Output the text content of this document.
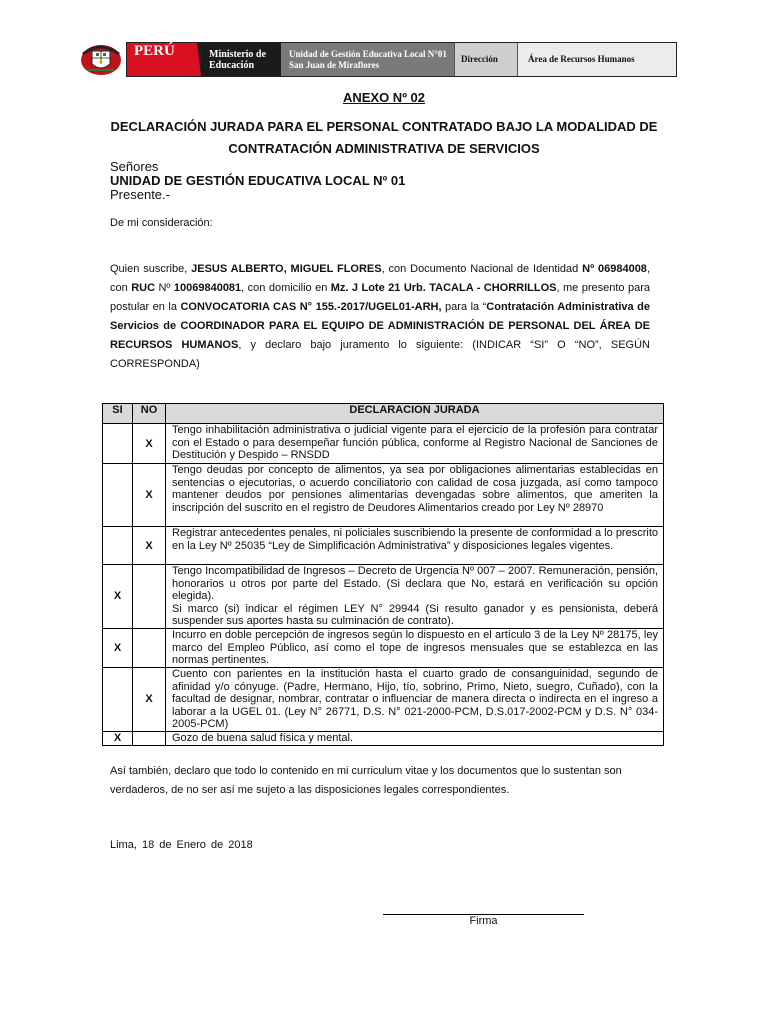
PERÚ	Ministerio de Educación
Unidad de Gestión Educativa Local N°01 San Juan de Miraflores
Dirección	Área de Recursos Humanos
ANEXO Nº 02
DECLARACIÓN JURADA PARA EL PERSONAL CONTRATADO BAJO LA MODALIDAD DE CONTRATACIÓN ADMINISTRATIVA DE SERVICIOS
Señores
UNIDAD DE GESTIÓN EDUCATIVA LOCAL Nº 01
Presente.-
De mi consideración:
Quien suscribe, JESUS ALBERTO, MIGUEL FLORES, con Documento Nacional de Identidad Nº 06984008, con RUC Nº 10069840081, con domicilio en Mz. J Lote 21 Urb. TACALA - CHORRILLOS, me presento para postular en la CONVOCATORIA CAS N° 155.-2017/UGEL01-ARH, para la “Contratación Administrativa de Servicios de COORDINADOR PARA EL EQUIPO DE ADMINISTRACIÓN DE PERSONAL DEL ÁREA DE RECURSOS HUMANOS, y declaro bajo juramento lo siguiente: (INDICAR “SI” O “NO”, SEGÚN CORRESPONDA)
SI	NO	DECLARACION JURADA
	X	Tengo inhabilitación administrativa o judicial vigente para el ejercicio de la profesión para contratar con el Estado o para desempeñar función pública, conforme al Registro Nacional de Sanciones de Destitución y Despido – RNSDD
	X	Tengo deudas por concepto de alimentos, ya sea por obligaciones alimentarias establecidas en sentencias o ejecutorias, o acuerdo conciliatorio con calidad de cosa juzgada, así como tampoco mantener deudos por pensiones alimentarias devengadas sobre alimentos, que ameriten la inscripción del suscrito en el registro de Deudores Alimentarios creado por Ley Nº 28970
	X	Registrar antecedentes penales, ni policiales suscribiendo la presente de conformidad a lo prescrito en la Ley Nº 25035 “Ley de Simplificación Administrativa” y disposiciones legales vigentes.
X		Tengo Incompatibilidad de Ingresos – Decreto de Urgencia Nº 007 – 2007. Remuneración, pensión, honorarios u otros por parte del Estado. (Si declara que No, estará en verificación su opción elegida).
Si marco (si) indicar el régimen LEY N° 29944 (Si resulto ganador y es pensionista, deberá suspender sus aportes hasta su culminación de contrato).

X		Incurro en doble percepción de ingresos según lo dispuesto en el artículo 3 de la Ley Nº 28175, ley marco del Empleo Público, así como el tope de ingresos mensuales que se establezca en las normas pertinentes.
	X	Cuento con parientes en la institución hasta el cuarto grado de consanguinidad, segundo de afinidad y/o cónyuge. (Padre, Hermano, Hijo, tío, sobrino, Primo, Nieto, suegro, Cuñado), con la facultad de designar, nombrar, contratar o influenciar de manera directa o indirecta en el ingreso a laborar a la UGEL 01. (Ley N° 26771, D.S. N° 021-2000-PCM, D.S.017-2002-PCM y D.S. N° 034-2005-PCM)
X		Gozo de buena salud física y mental.
Así también, declaro que todo lo contenido en mi curriculum vitae y los documentos que lo sustentan son verdaderos, de no ser así me sujeto a las disposiciones legales correspondientes.
Lima, 18 de Enero de 2018
Firma
